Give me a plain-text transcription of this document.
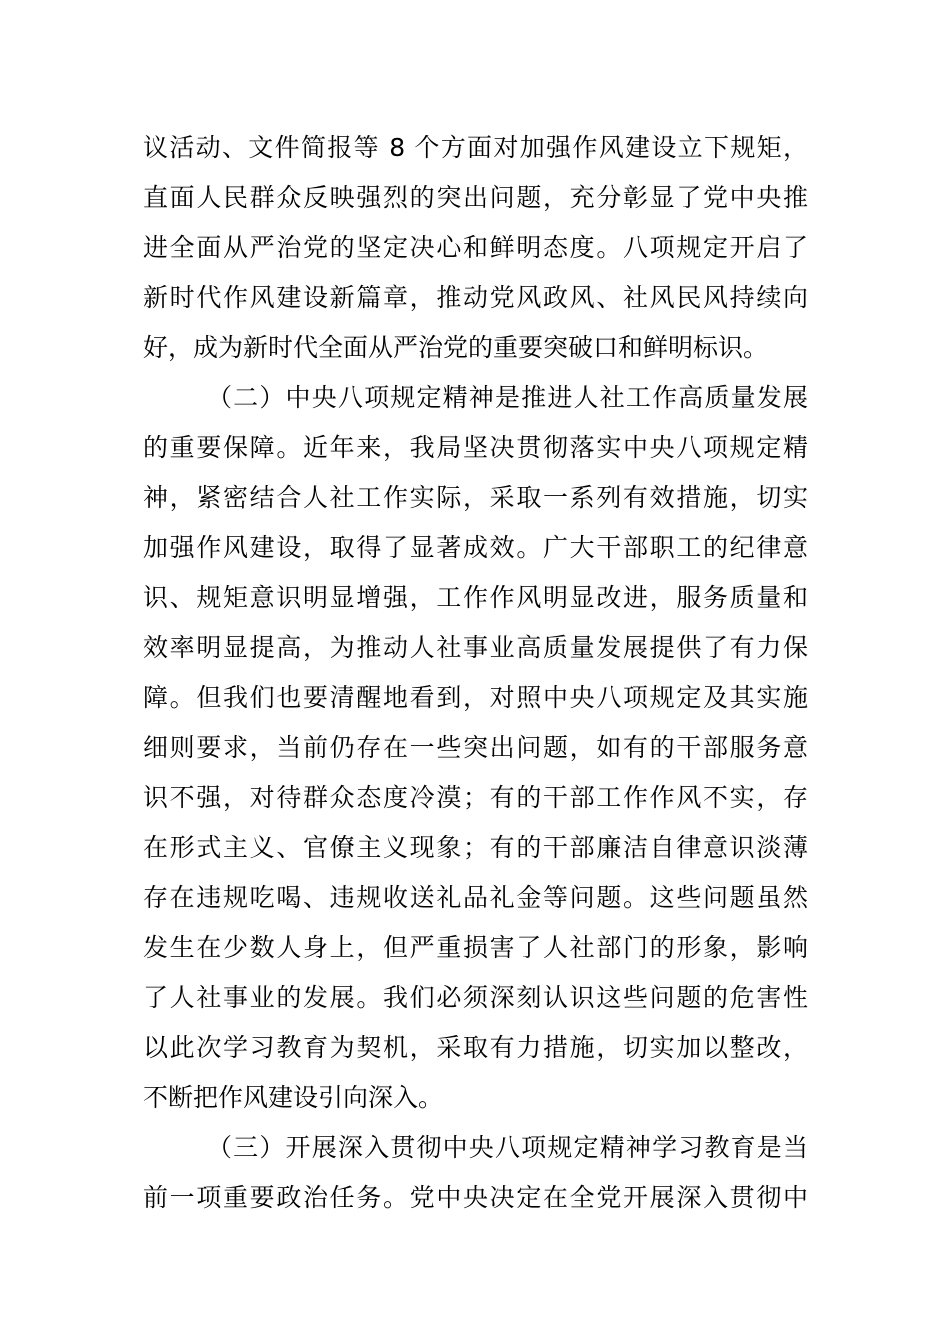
议活动、文件简报等 8 个方面对加强作风建设立下规矩，
直面人民群众反映强烈的突出问题，充分彰显了党中央推
进全面从严治党的坚定决心和鲜明态度。八项规定开启了
新时代作风建设新篇章，推动党风政风、社风民风持续向
好，成为新时代全面从严治党的重要突破口和鲜明标识。
（二）中央八项规定精神是推进人社工作高质量发展
的重要保障。近年来，我局坚决贯彻落实中央八项规定精
神，紧密结合人社工作实际，采取一系列有效措施，切实
加强作风建设，取得了显著成效。广大干部职工的纪律意
识、规矩意识明显增强，工作作风明显改进，服务质量和
效率明显提高，为推动人社事业高质量发展提供了有力保
障。但我们也要清醒地看到，对照中央八项规定及其实施
细则要求，当前仍存在一些突出问题，如有的干部服务意
识不强，对待群众态度冷漠；有的干部工作作风不实，存
在形式主义、官僚主义现象；有的干部廉洁自律意识淡薄
存在违规吃喝、违规收送礼品礼金等问题。这些问题虽然
发生在少数人身上，但严重损害了人社部门的形象，影响
了人社事业的发展。我们必须深刻认识这些问题的危害性
以此次学习教育为契机，采取有力措施，切实加以整改，
不断把作风建设引向深入。
（三）开展深入贯彻中央八项规定精神学习教育是当
前一项重要政治任务。党中央决定在全党开展深入贯彻中
